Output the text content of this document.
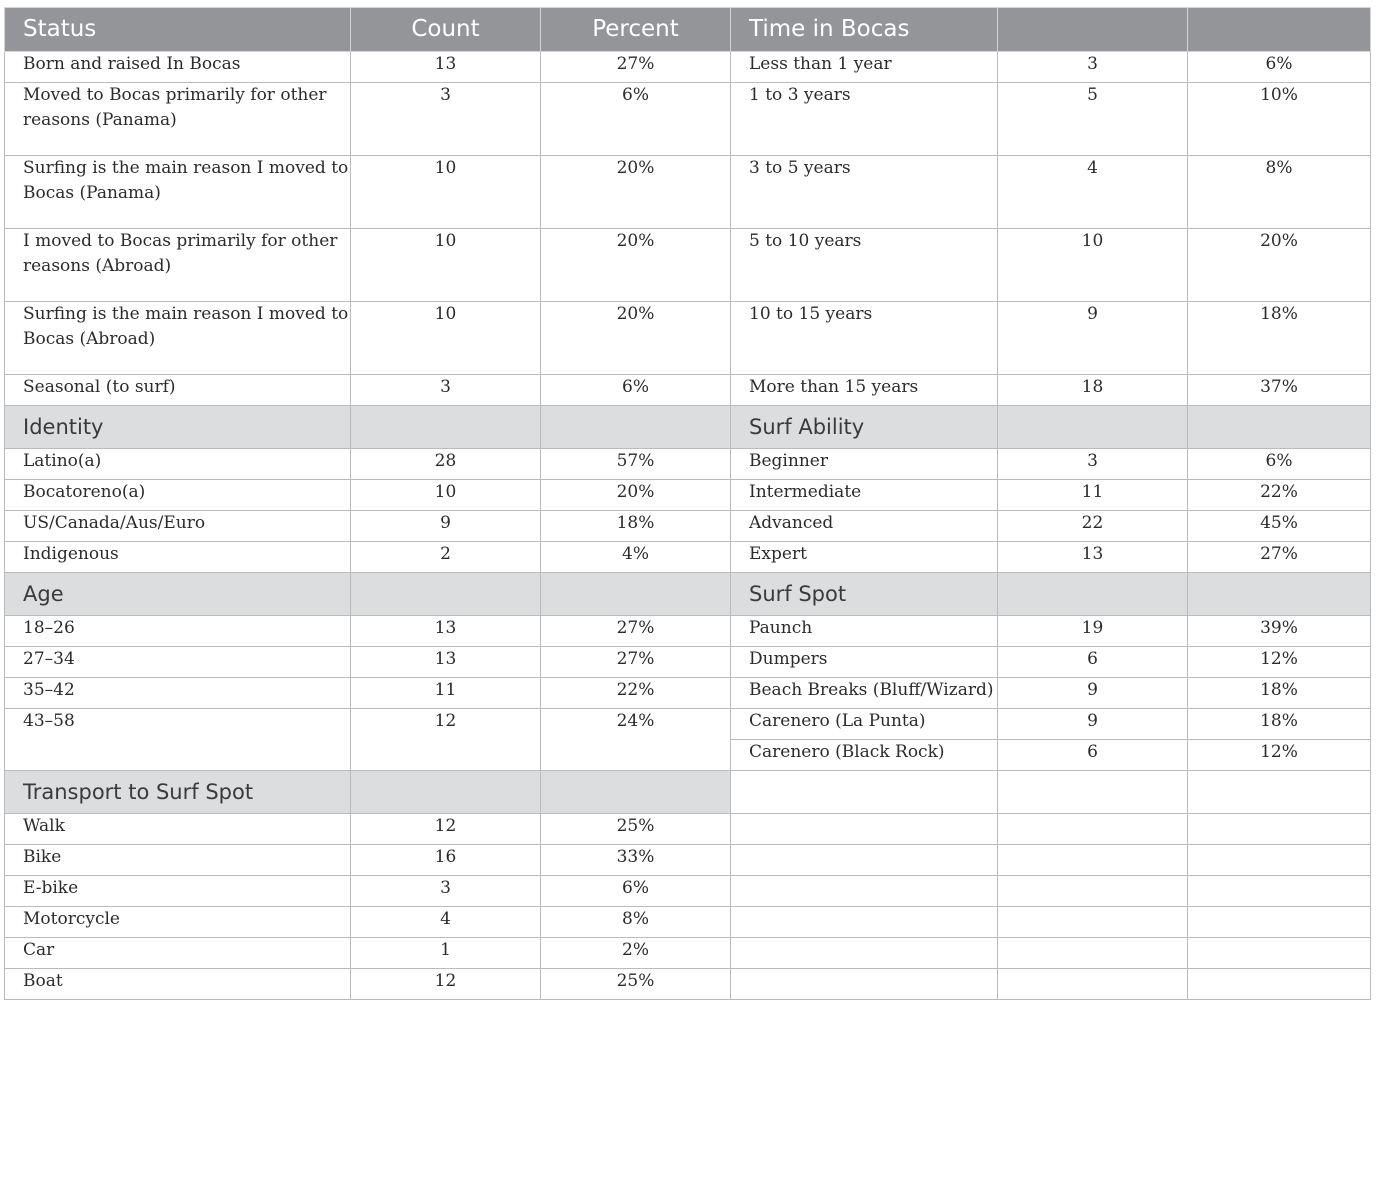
Status	Count	Percent	Time in Bocas		
Born and raised In Bocas	13	27%	Less than 1 year	3	6%
Moved to Bocas primarily for other reasons (Panama)	3	6%	1 to 3 years	5	10%
Surfing is the main reason I moved to Bocas (Panama)	10	20%	3 to 5 years	4	8%
I moved to Bocas primarily for other reasons (Abroad)	10	20%	5 to 10 years	10	20%
Surfing is the main reason I moved to Bocas (Abroad)	10	20%	10 to 15 years	9	18%
Seasonal (to surf)	3	6%	More than 15 years	18	37%
Identity			Surf Ability		
Latino(a)	28	57%	Beginner	3	6%
Bocatoreno(a)	10	20%	Intermediate	11	22%
US/Canada/Aus/Euro	9	18%	Advanced	22	45%
Indigenous	2	4%	Expert	13	27%
Age			Surf Spot		
18–26	13	27%	Paunch	19	39%
27–34	13	27%	Dumpers	6	12%
35–42	11	22%	Beach Breaks (Bluff/Wizard)	9	18%
43–58	12	24%	Carenero (La Punta)	9	18%
			Carenero (Black Rock)	6	12%
Transport to Surf Spot					
Walk	12	25%			
Bike	16	33%			
E-bike	3	6%			
Motorcycle	4	8%			
Car	1	2%			
Boat	12	25%			
